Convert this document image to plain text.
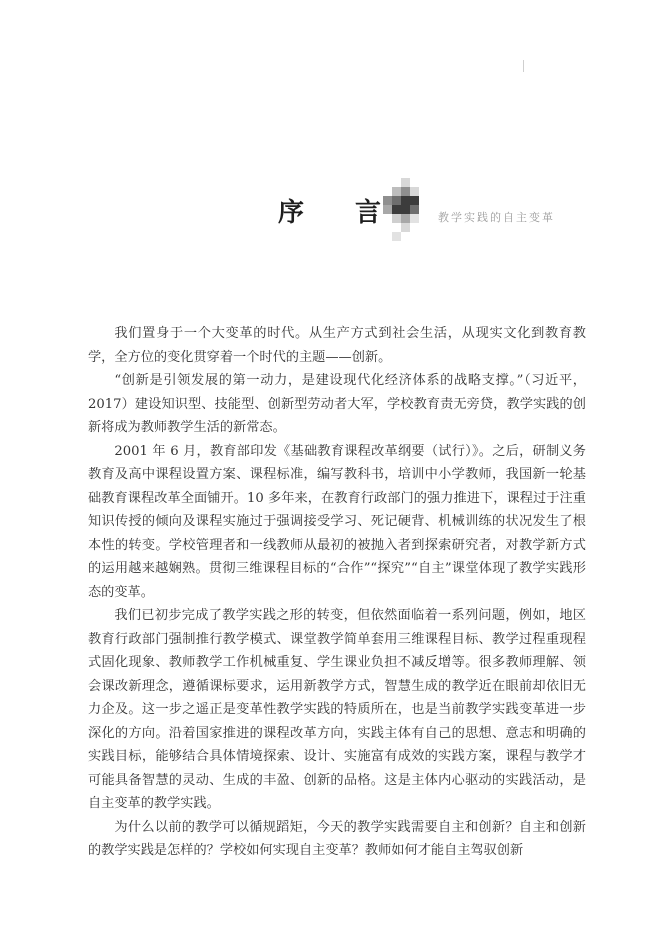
序 言	教学实践的自主变革

我们置身于一个大变革的时代。从生产方式到社会生活，从现实文化到教育教学，全方位的变化贯穿着一个时代的主题——创新。

“创新是引领发展的第一动力，是建设现代化经济体系的战略支撑。”（习近平，2017）建设知识型、技能型、创新型劳动者大军，学校教育责无旁贷，教学实践的创新将成为教师教学生活的新常态。

2001 年 6 月，教育部印发《基础教育课程改革纲要（试行）》。之后，研制义务教育及高中课程设置方案、课程标准，编写教科书，培训中小学教师，我国新一轮基础教育课程改革全面铺开。10 多年来，在教育行政部门的强力推进下，课程过于注重知识传授的倾向及课程实施过于强调接受学习、死记硬背、机械训练的状况发生了根本性的转变。学校管理者和一线教师从最初的被抛入者到探索研究者，对教学新方式的运用越来越娴熟。贯彻三维课程目标的“合作”“探究”“自主”课堂体现了教学实践形态的变革。

我们已初步完成了教学实践之形的转变，但依然面临着一系列问题，例如，地区教育行政部门强制推行教学模式、课堂教学简单套用三维课程目标、教学过程重现程式固化现象、教师教学工作机械重复、学生课业负担不减反增等。很多教师理解、领会课改新理念，遵循课标要求，运用新教学方式，智慧生成的教学近在眼前却依旧无力企及。这一步之遥正是变革性教学实践的特质所在，也是当前教学实践变革进一步深化的方向。沿着国家推进的课程改革方向，实践主体有自己的思想、意志和明确的实践目标，能够结合具体情境探索、设计、实施富有成效的实践方案，课程与教学才可能具备智慧的灵动、生成的丰盈、创新的品格。这是主体内心驱动的实践活动，是自主变革的教学实践。

为什么以前的教学可以循规蹈矩，今天的教学实践需要自主和创新？自主和创新的教学实践是怎样的？学校如何实现自主变革？教师如何才能自主驾驭创新
